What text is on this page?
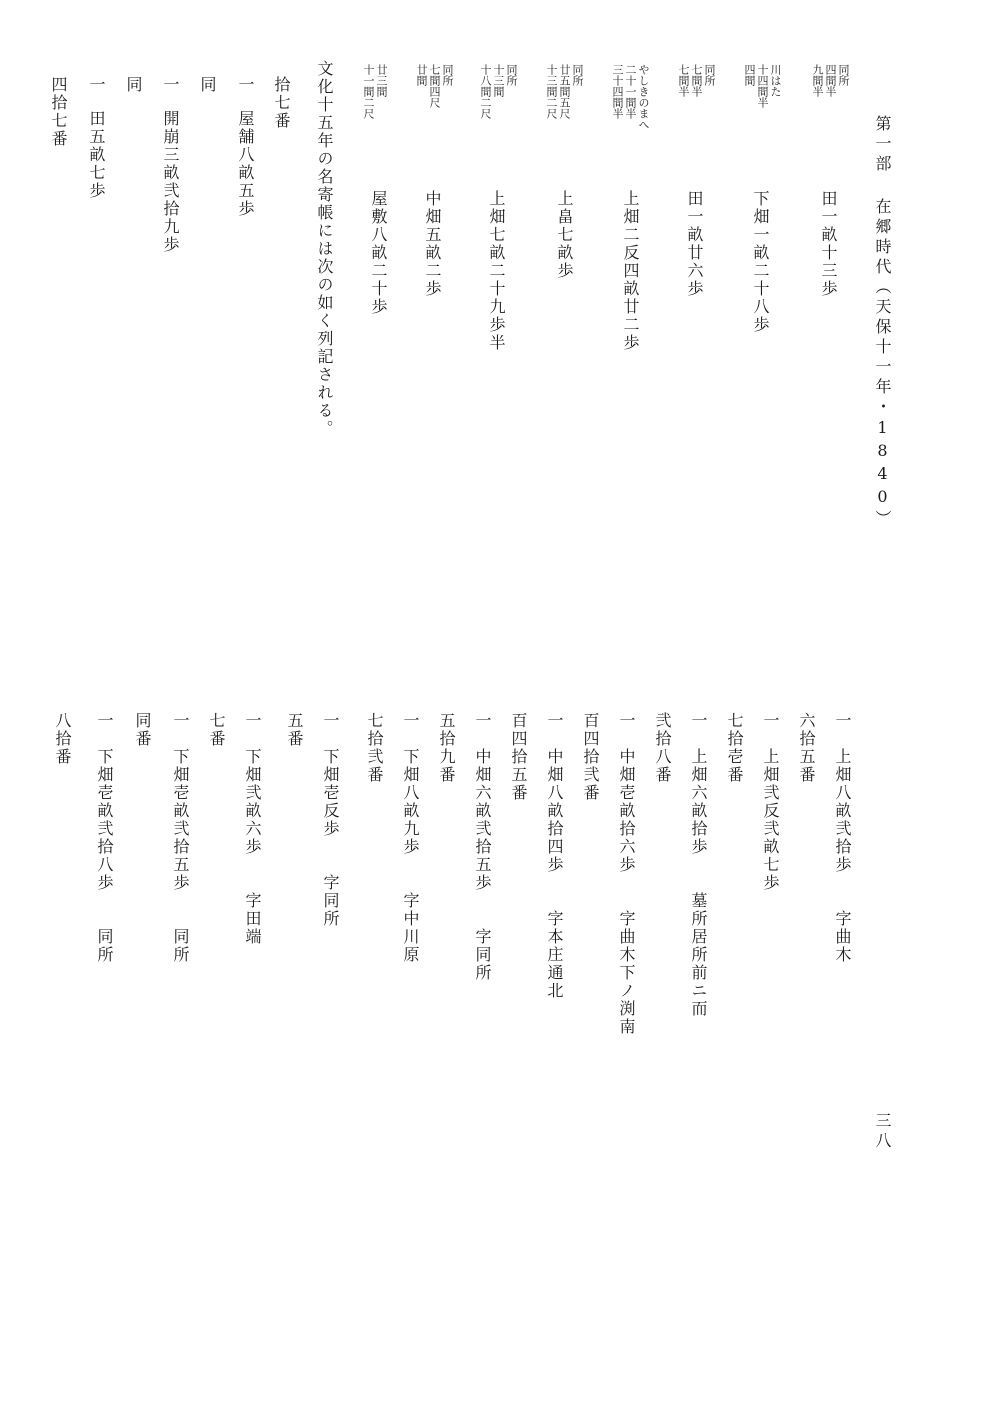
第一部 在郷時代（天保十一年・1840）
三八
同所
四間半
九間半
田一畝十三歩
川はた
十四間半
四間
下畑一畝二十八歩
同所
七間半
七間半
田一畝廿六歩
やしきのまへ
二十一間半
三十四間半
上畑二反四畝廿二歩
同所
廿五間五尺
十三間二尺
上畠七畝歩
同所
十三間
十八間二尺
上畑七畝二十九歩半
同所
七間四尺
廿間
中畑五畝二歩
廿三間
十一間二尺
屋敷八畝二十歩
文化十五年の名寄帳には次の如く列記される。
拾七番
一
屋舗八畝五歩
同
一
開崩三畝弐拾九歩
同
一
田五畝七歩
四拾七番
一　上畑八畝弐拾歩　　字曲木
六拾五番
一　上畑弐反弐畝七歩
七拾壱番
一　上畑六畝拾歩　　墓所居所前ニ而
弐拾八番
一　中畑壱畝拾六歩　　字曲木下ノ渕南
百四拾弐番
一　中畑八畝拾四歩　　字本庄通北
百四拾五番
一　中畑六畝弐拾五歩　　字同所
五拾九番
一　下畑八畝九歩　　字中川原
七拾弐番
一　下畑壱反歩　　字同所
五番
一　下畑弐畝六歩　　字田端
七番
一　下畑壱畝弐拾五歩　　同所
同番
一　下畑壱畝弐拾八歩　　同所
八拾番
